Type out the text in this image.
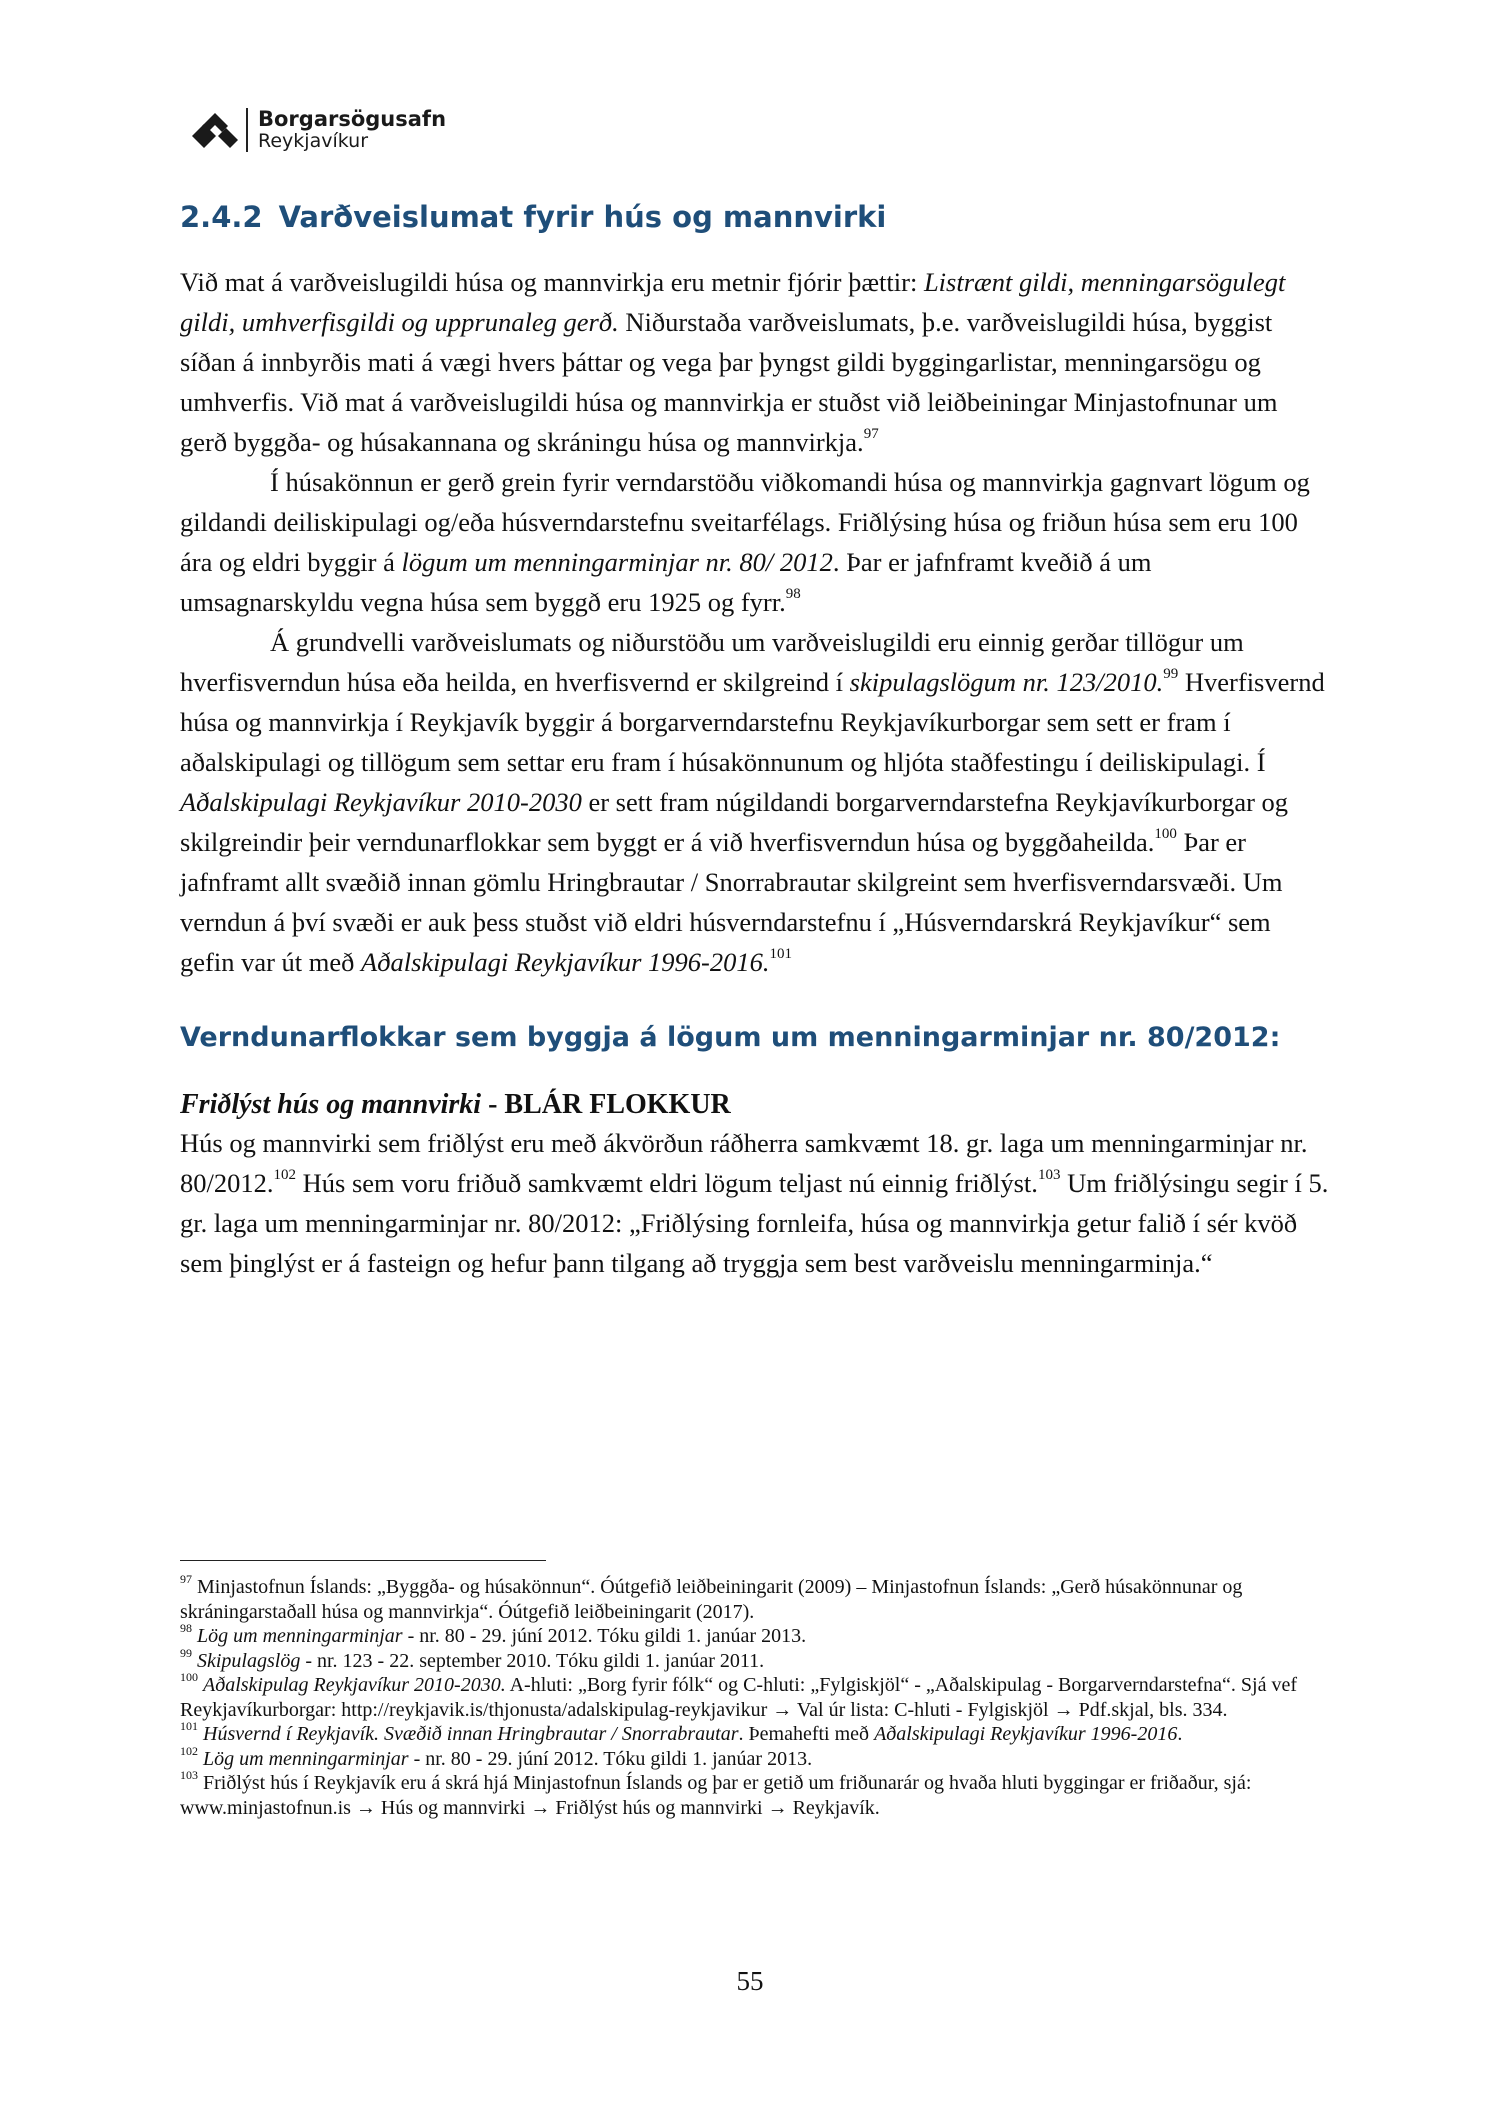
Borgarsögusafn
Reykjavíkur
2.4.2 Varðveislumat fyrir hús og mannvirki

Við mat á varðveislugildi húsa og mannvirkja eru metnir fjórir þættir: Listrænt gildi, menningarsögulegt gildi, umhverfisgildi og upprunaleg gerð. Niðurstaða varðveislumats, þ.e. varðveislugildi húsa, byggist síðan á innbyrðis mati á vægi hvers þáttar og vega þar þyngst gildi byggingarlistar, menningarsögu og umhverfis. Við mat á varðveislugildi húsa og mannvirkja er stuðst við leiðbeiningar Minjastofnunar um gerð byggða- og húsakannana og skráningu húsa og mannvirkja.$^{97}$

Í húsakönnun er gerð grein fyrir verndarstöðu viðkomandi húsa og mannvirkja gagnvart lögum og gildandi deiliskipulagi og/eða húsverndarstefnu sveitarfélags. Friðlýsing húsa og friðun húsa sem eru 100 ára og eldri byggir á lögum um menningarminjar nr. 80/ 2012. Þar er jafnframt kveðið á um umsagnarskyldu vegna húsa sem byggð eru 1925 og fyrr.$^{98}$

Á grundvelli varðveislumats og niðurstöðu um varðveislugildi eru einnig gerðar tillögur um hverfisverndun húsa eða heilda, en hverfisvernd er skilgreind í skipulagslögum nr. 123/2010.99 Hverfisvernd húsa og mannvirkja í Reykjavík byggir á borgarverndarstefnu Reykjavíkurborgar sem sett er fram í aðalskipulagi og tillögum sem settar eru fram í húsakönnunum og hljóta staðfestingu í deiliskipulagi. Í Aðalskipulagi Reykjavíkur 2010-2030 er sett fram núgildandi borgarverndarstefna Reykjavíkurborgar og skilgreindir þeir verndunarflokkar sem byggt er á við hverfisverndun húsa og byggðaheilda.$^{100}$ Þar er jafnframt allt svæðið innan gömlu Hringbrautar / Snorrabrautar skilgreint sem hverfisverndarsvæði. Um verndun á því svæði er auk þess stuðst við eldri húsverndarstefnu í „Húsverndarskrá Reykjavíkur“ sem gefin var út með Aðalskipulagi Reykjavíkur 1996-2016.$^{101}$

Verndunarflokkar sem byggja á lögum um menningarminjar nr. 80/2012:

Friðlýst hús og mannvirki - BLÁR FLOKKUR

Hús og mannvirki sem friðlýst eru með ákvörðun ráðherra samkvæmt 18. gr. laga um menningarminjar nr. 80/2012.$^{102}$ Hús sem voru friðuð samkvæmt eldri lögum teljast nú einnig friðlýst.$^{103}$ Um friðlýsingu segir í 5. gr. laga um menningarminjar nr. 80/2012: „Friðlýsing fornleifa, húsa og mannvirkja getur falið í sér kvöð sem þinglýst er á fasteign og hefur þann tilgang að tryggja sem best varðveislu menningarminja.“

$^{97}$ Minjastofnun Íslands: „Byggða- og húsakönnun“. Óútgefið leiðbeiningarit (2009) – Minjastofnun Íslands: „Gerð húsakönnunar og skráningarstaðall húsa og mannvirkja“. Óútgefið leiðbeiningarit (2017).

$^{98}$ Lög um menningarminjar - nr. 80 - 29. júní 2012. Tóku gildi 1. janúar 2013.

$^{99}$ Skipulagslög - nr. 123 - 22. september 2010. Tóku gildi 1. janúar 2011.

$^{100}$ Aðalskipulag Reykjavíkur 2010-2030. A-hluti: „Borg fyrir fólk“ og C-hluti: „Fylgiskjöl“ - „Aðalskipulag - Borgarverndarstefna“. Sjá vef Reykjavíkurborgar: http://reykjavik.is/thjonusta/adalskipulag-reykjavikur → Val úr lista: C-hluti - Fylgiskjöl → Pdf.skjal, bls. 334.

$^{101}$ Húsvernd í Reykjavík. Svæðið innan Hringbrautar / Snorrabrautar. Þemahefti með Aðalskipulagi Reykjavíkur 1996-2016.

$^{102}$ Lög um menningarminjar - nr. 80 - 29. júní 2012. Tóku gildi 1. janúar 2013.

$^{103}$ Friðlýst hús í Reykjavík eru á skrá hjá Minjastofnun Íslands og þar er getið um friðunarár og hvaða hluti byggingar er friðaður, sjá: www.minjastofnun.is → Hús og mannvirki → Friðlýst hús og mannvirki → Reykjavík.

55
